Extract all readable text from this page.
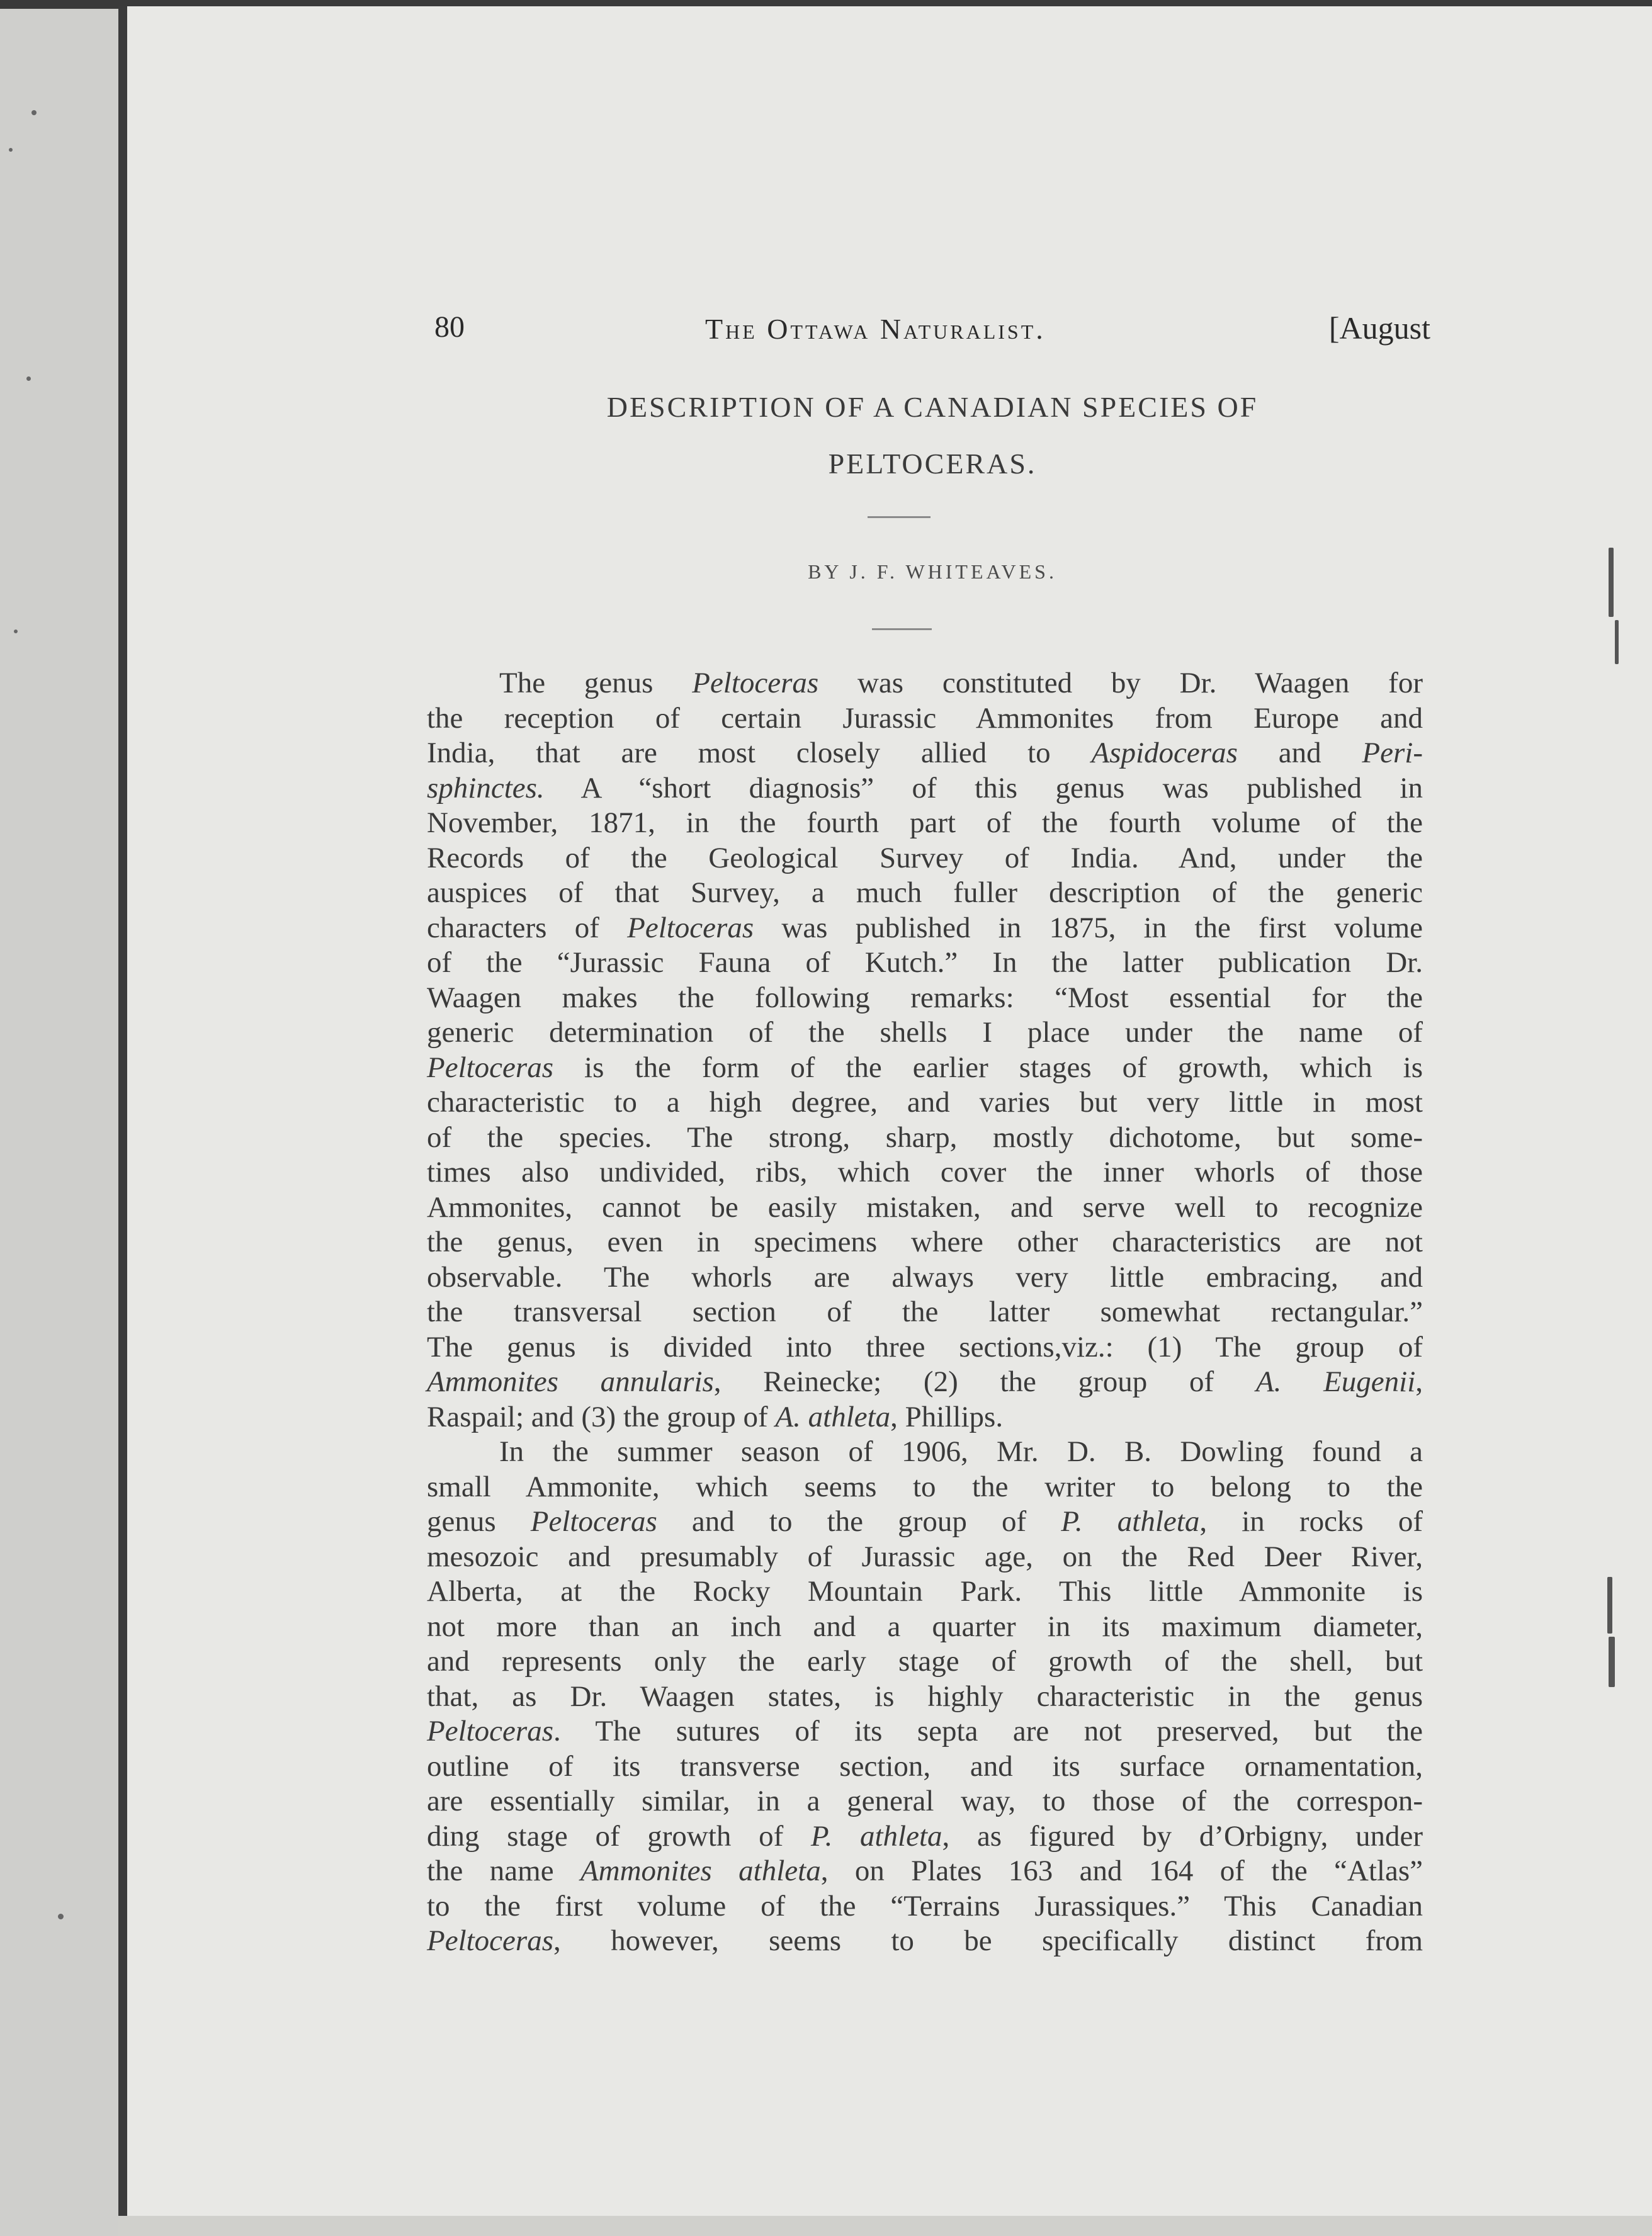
80	The Ottawa Naturalist.	[August
DESCRIPTION OF A CANADIAN SPECIES OF
PELTOCERAS.
BY J. F. WHITEAVES.
The genus Peltoceras was constituted by Dr. Waagen for
the reception of certain Jurassic Ammonites from Europe and
India, that are most closely allied to Aspidoceras and Peri-
sphinctes. A “short diagnosis” of this genus was published in
November, 1871, in the fourth part of the fourth volume of the
Records of the Geological Survey of India. And, under the
auspices of that Survey, a much fuller description of the generic
characters of Peltoceras was published in 1875, in the first volume
of the “Jurassic Fauna of Kutch.” In the latter publication Dr.
Waagen makes the following remarks: “Most essential for the
generic determination of the shells I place under the name of
Peltoceras is the form of the earlier stages of growth, which is
characteristic to a high degree, and varies but very little in most
of the species. The strong, sharp, mostly dichotome, but some-
times also undivided, ribs, which cover the inner whorls of those
Ammonites, cannot be easily mistaken, and serve well to recognize
the genus, even in specimens where other characteristics are not
observable. The whorls are always very little embracing, and
the transversal section of the latter somewhat rectangular.”
The genus is divided into three sections,viz.: (1) The group of
Ammonites annularis, Reinecke; (2) the group of A. Eugenii,
Raspail; and (3) the group of A. athleta, Phillips.
In the summer season of 1906, Mr. D. B. Dowling found a
small Ammonite, which seems to the writer to belong to the
genus Peltoceras and to the group of P. athleta, in rocks of
mesozoic and presumably of Jurassic age, on the Red Deer River,
Alberta, at the Rocky Mountain Park. This little Ammonite is
not more than an inch and a quarter in its maximum diameter,
and represents only the early stage of growth of the shell, but
that, as Dr. Waagen states, is highly characteristic in the genus
Peltoceras. The sutures of its septa are not preserved, but the
outline of its transverse section, and its surface ornamentation,
are essentially similar, in a general way, to those of the correspon-
ding stage of growth of P. athleta, as figured by d’Orbigny, under
the name Ammonites athleta, on Plates 163 and 164 of the “Atlas”
to the first volume of the “Terrains Jurassiques.” This Canadian
Peltoceras, however, seems to be specifically distinct from
